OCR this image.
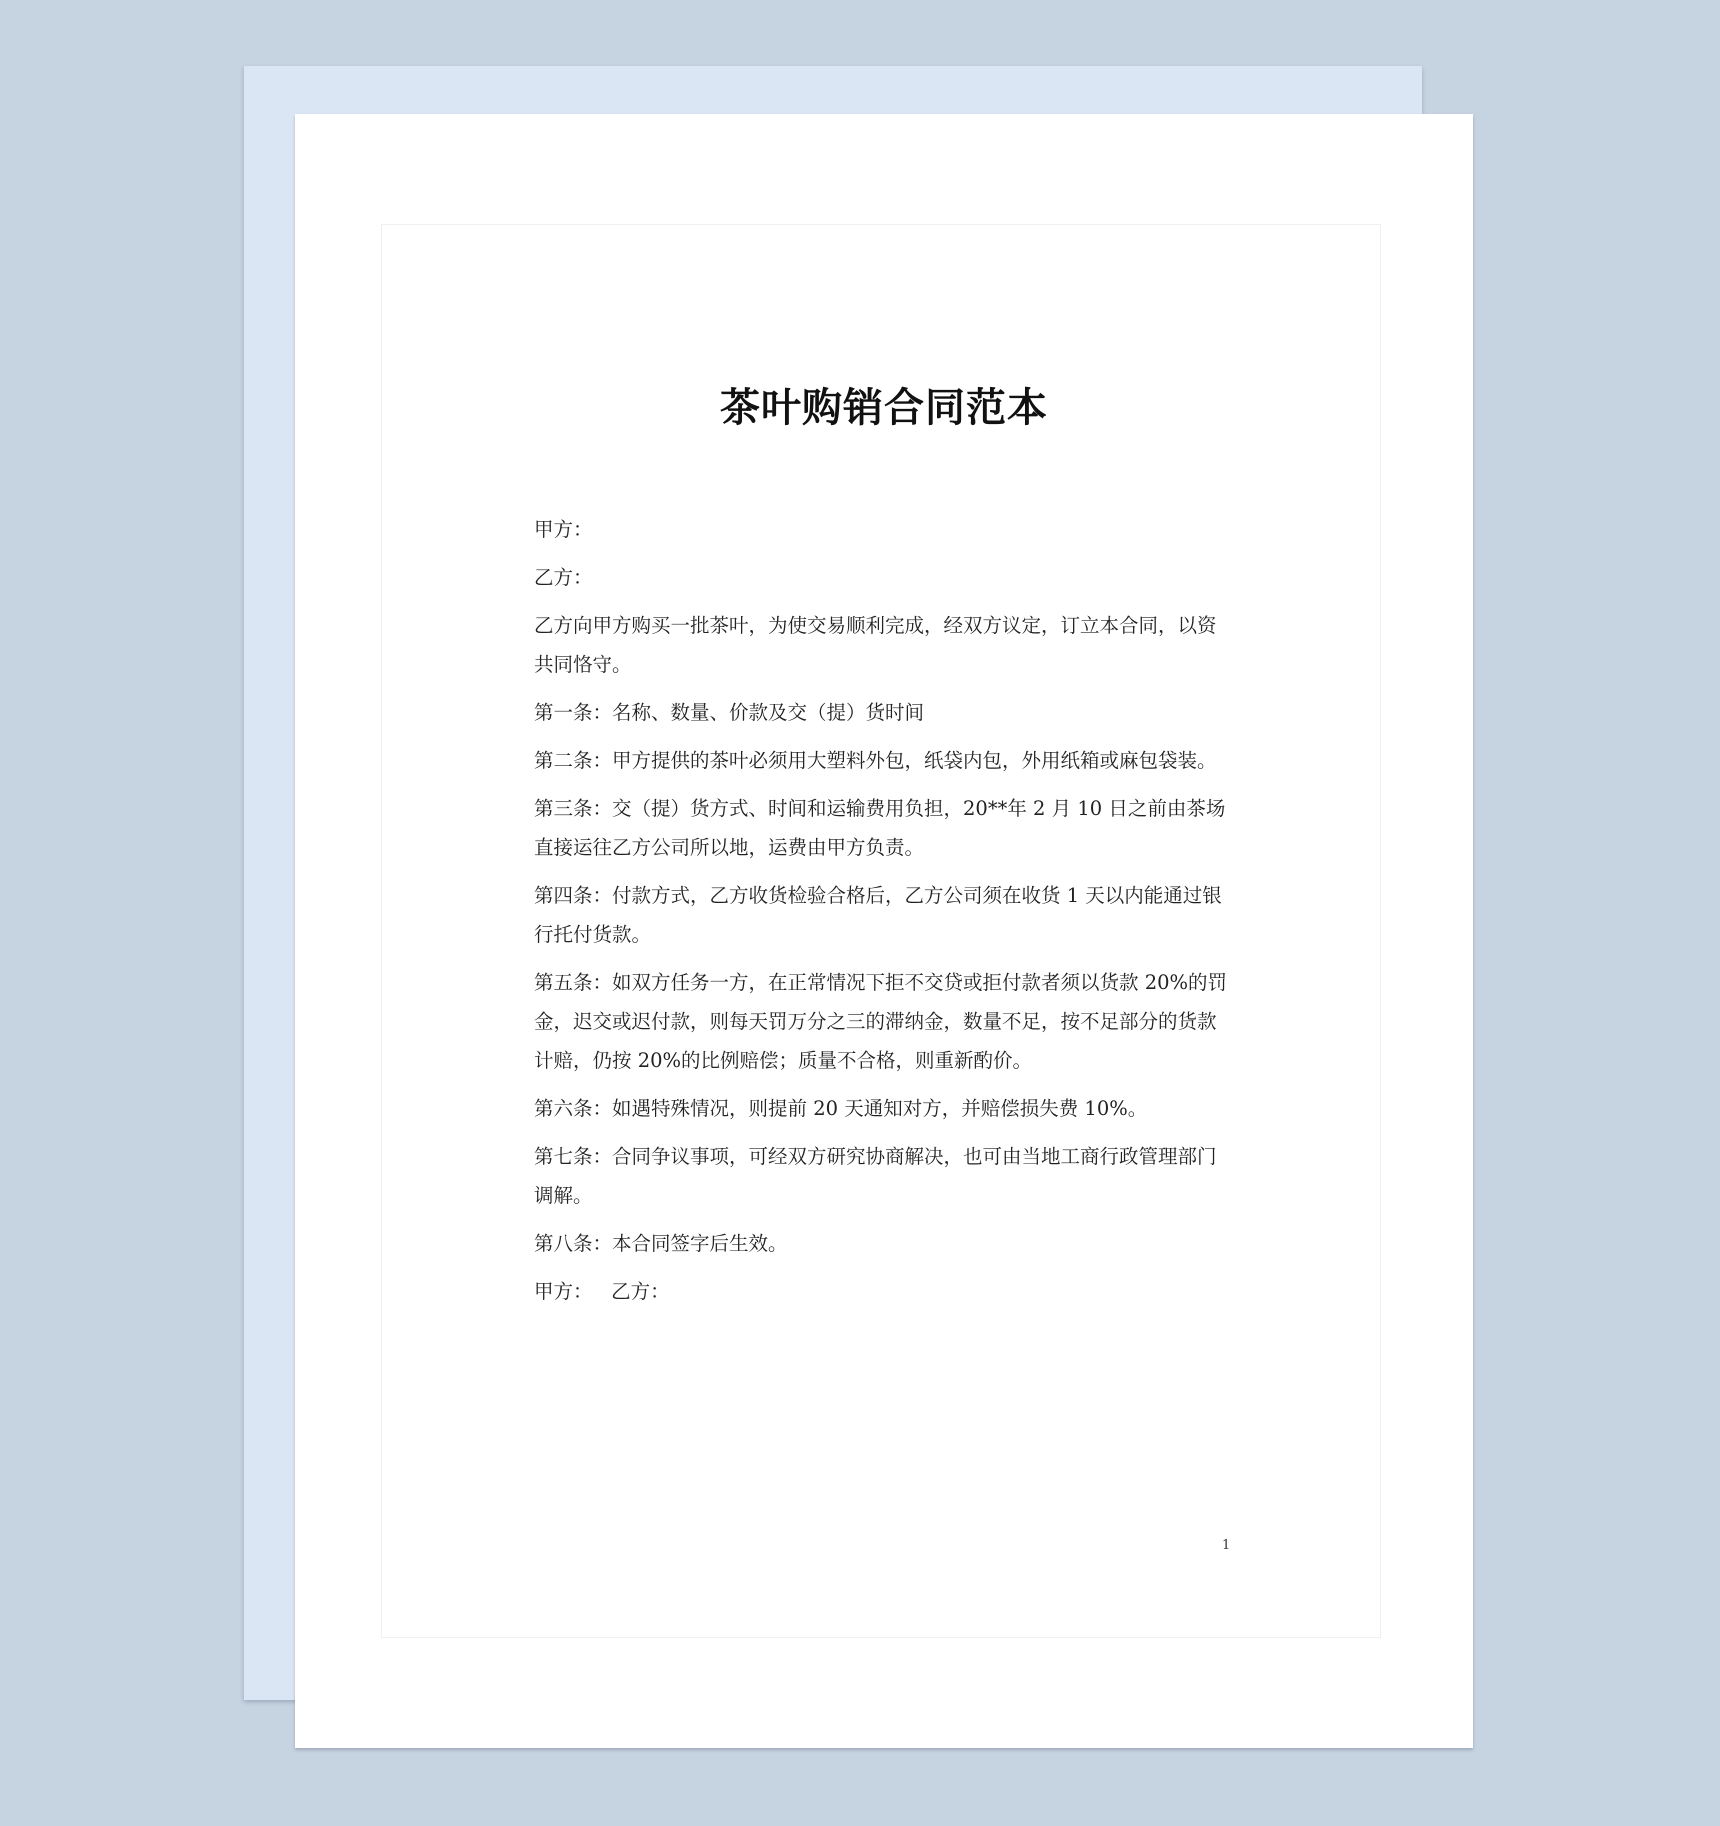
茶叶购销合同范本

甲方：

乙方：

乙方向甲方购买一批茶叶，为使交易顺利完成，经双方议定，订立本合同，以资共同恪守。

第一条：名称、数量、价款及交（提）货时间

第二条：甲方提供的茶叶必须用大塑料外包，纸袋内包，外用纸箱或麻包袋装。

第三条：交（提）货方式、时间和运输费用负担，20**年 2 月 10 日之前由茶场直接运往乙方公司所以地，运费由甲方负责。

第四条：付款方式，乙方收货检验合格后，乙方公司须在收货 1 天以内能通过银行托付货款。

第五条：如双方任务一方，在正常情况下拒不交贷或拒付款者须以货款 20%的罚金，迟交或迟付款，则每天罚万分之三的滞纳金，数量不足，按不足部分的货款计赔，仍按 20%的比例赔偿；质量不合格，则重新酌价。

第六条：如遇特殊情况，则提前 20 天通知对方，并赔偿损失费 10%。

第七条：合同争议事项，可经双方研究协商解决，也可由当地工商行政管理部门调解。

第八条：本合同签字后生效。

甲方：   乙方：

1
